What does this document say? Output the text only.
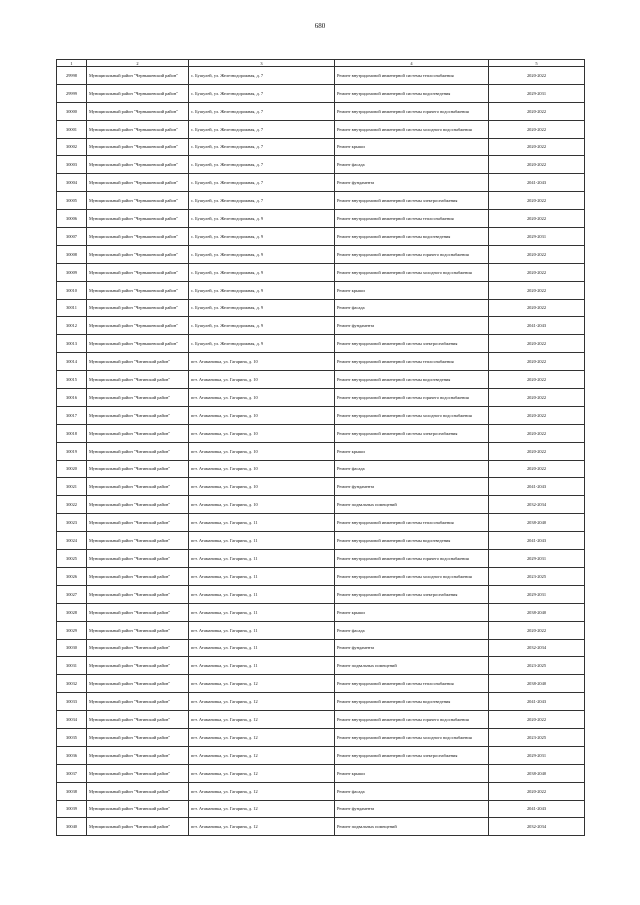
680
1	2	3	4	5
29998	Муниципальный район "Чернышевский район"	с. Бушулей, ул. Железнодорожная, д. 7	Ремонт внутридомовой инженерной системы теплоснабжения	2020-2022
29999	Муниципальный район "Чернышевский район"	с. Бушулей, ул. Железнодорожная, д. 7	Ремонт внутридомовой инженерной системы водоотведения	2029-2031
30000	Муниципальный район "Чернышевский район"	с. Бушулей, ул. Железнодорожная, д. 7	Ремонт внутридомовой инженерной системы горячего водоснабжения	2020-2022
30001	Муниципальный район "Чернышевский район"	с. Бушулей, ул. Железнодорожная, д. 7	Ремонт внутридомовой инженерной системы холодного водоснабжения	2020-2022
30002	Муниципальный район "Чернышевский район"	с. Бушулей, ул. Железнодорожная, д. 7	Ремонт крыши	2020-2022
30003	Муниципальный район "Чернышевский район"	с. Бушулей, ул. Железнодорожная, д. 7	Ремонт фасада	2020-2022
30004	Муниципальный район "Чернышевский район"	с. Бушулей, ул. Железнодорожная, д. 7	Ремонт фундамента	2041-2043
30005	Муниципальный район "Чернышевский район"	с. Бушулей, ул. Железнодорожная, д. 7	Ремонт внутридомовой инженерной системы электроснабжения	2020-2022
30006	Муниципальный район "Чернышевский район"	с. Бушулей, ул. Железнодорожная, д. 9	Ремонт внутридомовой инженерной системы теплоснабжения	2020-2022
30007	Муниципальный район "Чернышевский район"	с. Бушулей, ул. Железнодорожная, д. 9	Ремонт внутридомовой инженерной системы водоотведения	2029-2031
30008	Муниципальный район "Чернышевский район"	с. Бушулей, ул. Железнодорожная, д. 9	Ремонт внутридомовой инженерной системы горячего водоснабжения	2020-2022
30009	Муниципальный район "Чернышевский район"	с. Бушулей, ул. Железнодорожная, д. 9	Ремонт внутридомовой инженерной системы холодного водоснабжения	2020-2022
30010	Муниципальный район "Чернышевский район"	с. Бушулей, ул. Железнодорожная, д. 9	Ремонт крыши	2020-2022
30011	Муниципальный район "Чернышевский район"	с. Бушулей, ул. Железнодорожная, д. 9	Ремонт фасада	2020-2022
30012	Муниципальный район "Чернышевский район"	с. Бушулей, ул. Железнодорожная, д. 9	Ремонт фундамента	2041-2043
30013	Муниципальный район "Чернышевский район"	с. Бушулей, ул. Железнодорожная, д. 9	Ремонт внутридомовой инженерной системы электроснабжения	2020-2022
30014	Муниципальный район "Читинский район"	пгт. Атамановка, ул. Гагарина, д. 10	Ремонт внутридомовой инженерной системы теплоснабжения	2020-2022
30015	Муниципальный район "Читинский район"	пгт. Атамановка, ул. Гагарина, д. 10	Ремонт внутридомовой инженерной системы водоотведения	2020-2022
30016	Муниципальный район "Читинский район"	пгт. Атамановка, ул. Гагарина, д. 10	Ремонт внутридомовой инженерной системы горячего водоснабжения	2020-2022
30017	Муниципальный район "Читинский район"	пгт. Атамановка, ул. Гагарина, д. 10	Ремонт внутридомовой инженерной системы холодного водоснабжения	2020-2022
30018	Муниципальный район "Читинский район"	пгт. Атамановка, ул. Гагарина, д. 10	Ремонт внутридомовой инженерной системы электроснабжения	2020-2022
30019	Муниципальный район "Читинский район"	пгт. Атамановка, ул. Гагарина, д. 10	Ремонт крыши	2020-2022
30020	Муниципальный район "Читинский район"	пгт. Атамановка, ул. Гагарина, д. 10	Ремонт фасада	2020-2022
30021	Муниципальный район "Читинский район"	пгт. Атамановка, ул. Гагарина, д. 10	Ремонт фундамента	2041-2043
30022	Муниципальный район "Читинский район"	пгт. Атамановка, ул. Гагарина, д. 10	Ремонт подвальных помещений	2032-2034
30023	Муниципальный район "Читинский район"	пгт. Атамановка, ул. Гагарина, д. 11	Ремонт внутридомовой инженерной системы теплоснабжения	2038-2040
30024	Муниципальный район "Читинский район"	пгт. Атамановка, ул. Гагарина, д. 11	Ремонт внутридомовой инженерной системы водоотведения	2041-2043
30025	Муниципальный район "Читинский район"	пгт. Атамановка, ул. Гагарина, д. 11	Ремонт внутридомовой инженерной системы горячего водоснабжения	2029-2031
30026	Муниципальный район "Читинский район"	пгт. Атамановка, ул. Гагарина, д. 11	Ремонт внутридомовой инженерной системы холодного водоснабжения	2023-2025
30027	Муниципальный район "Читинский район"	пгт. Атамановка, ул. Гагарина, д. 11	Ремонт внутридомовой инженерной системы электроснабжения	2029-2031
30028	Муниципальный район "Читинский район"	пгт. Атамановка, ул. Гагарина, д. 11	Ремонт крыши	2038-2040
30029	Муниципальный район "Читинский район"	пгт. Атамановка, ул. Гагарина, д. 11	Ремонт фасада	2020-2022
30030	Муниципальный район "Читинский район"	пгт. Атамановка, ул. Гагарина, д. 11	Ремонт фундамента	2032-2034
30031	Муниципальный район "Читинский район"	пгт. Атамановка, ул. Гагарина, д. 11	Ремонт подвальных помещений	2023-2025
30032	Муниципальный район "Читинский район"	пгт. Атамановка, ул. Гагарина, д. 12	Ремонт внутридомовой инженерной системы теплоснабжения	2038-2040
30033	Муниципальный район "Читинский район"	пгт. Атамановка, ул. Гагарина, д. 12	Ремонт внутридомовой инженерной системы водоотведения	2041-2043
30034	Муниципальный район "Читинский район"	пгт. Атамановка, ул. Гагарина, д. 12	Ремонт внутридомовой инженерной системы горячего водоснабжения	2020-2022
30035	Муниципальный район "Читинский район"	пгт. Атамановка, ул. Гагарина, д. 12	Ремонт внутридомовой инженерной системы холодного водоснабжения	2023-2025
30036	Муниципальный район "Читинский район"	пгт. Атамановка, ул. Гагарина, д. 12	Ремонт внутридомовой инженерной системы электроснабжения	2029-2031
30037	Муниципальный район "Читинский район"	пгт. Атамановка, ул. Гагарина, д. 12	Ремонт крыши	2038-2040
30038	Муниципальный район "Читинский район"	пгт. Атамановка, ул. Гагарина, д. 12	Ремонт фасада	2020-2022
30039	Муниципальный район "Читинский район"	пгт. Атамановка, ул. Гагарина, д. 12	Ремонт фундамента	2041-2043
30040	Муниципальный район "Читинский район"	пгт. Атамановка, ул. Гагарина, д. 12	Ремонт подвальных помещений	2032-2034
